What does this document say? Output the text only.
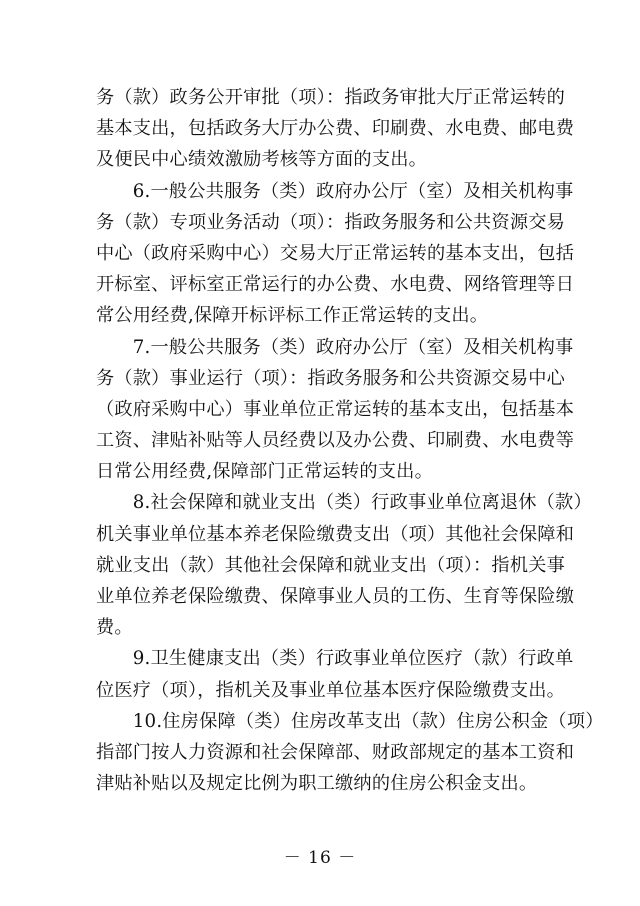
务（款）政务公开审批（项）：指政务审批大厅正常运转的
基本支出，包括政务大厅办公费、印刷费、水电费、邮电费
及便民中心绩效激励考核等方面的支出。
　　6.一般公共服务（类）政府办公厅（室）及相关机构事
务（款）专项业务活动（项）：指政务服务和公共资源交易
中心（政府采购中心）交易大厅正常运转的基本支出，包括
开标室、评标室正常运行的办公费、水电费、网络管理等日
常公用经费,保障开标评标工作正常运转的支出。
　　7.一般公共服务（类）政府办公厅（室）及相关机构事
务（款）事业运行（项）：指政务服务和公共资源交易中心
（政府采购中心）事业单位正常运转的基本支出，包括基本
工资、津贴补贴等人员经费以及办公费、印刷费、水电费等
日常公用经费,保障部门正常运转的支出。
　　8.社会保障和就业支出（类）行政事业单位离退休（款）
机关事业单位基本养老保险缴费支出（项）其他社会保障和
就业支出（款）其他社会保障和就业支出（项）：指机关事
业单位养老保险缴费、保障事业人员的工伤、生育等保险缴
费。
　　9.卫生健康支出（类）行政事业单位医疗（款）行政单
位医疗（项），指机关及事业单位基本医疗保险缴费支出。
　　10.住房保障（类）住房改革支出（款）住房公积金（项）
指部门按人力资源和社会保障部、财政部规定的基本工资和
津贴补贴以及规定比例为职工缴纳的住房公积金支出。
－ 16 －
